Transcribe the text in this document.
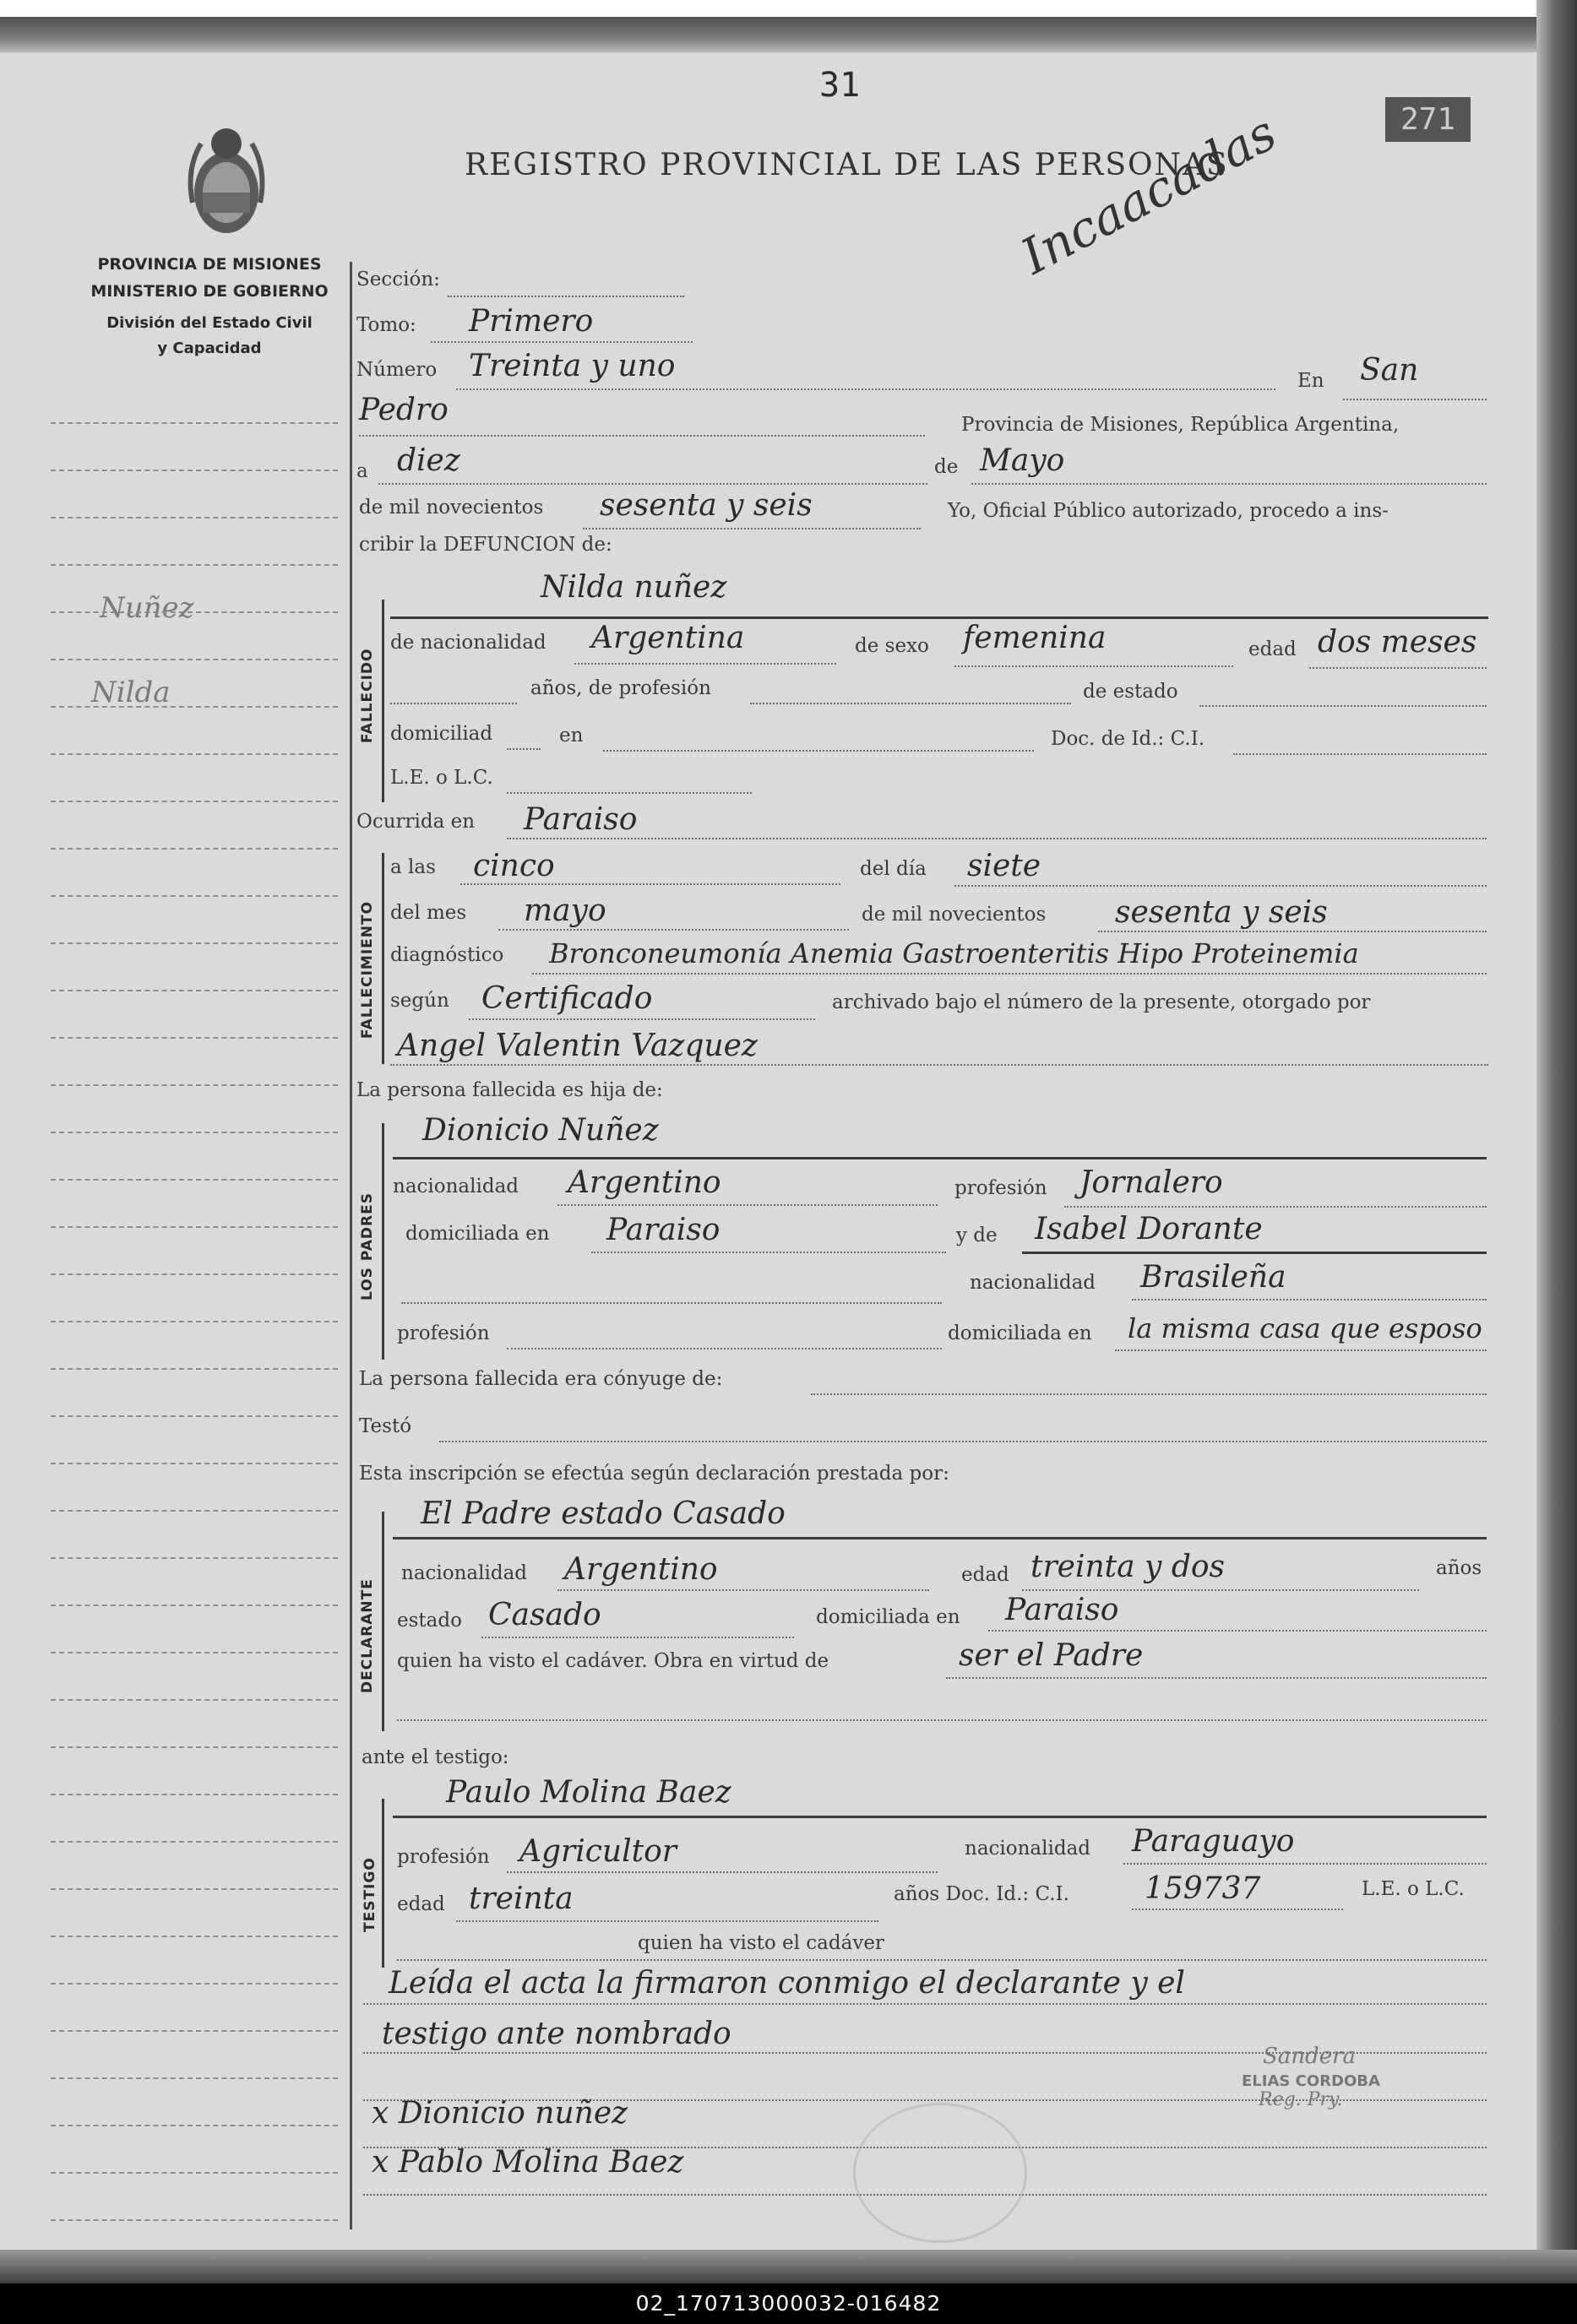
31
271
REGISTRO PROVINCIAL DE LAS PERSONAS
Incaacadas
PROVINCIA DE MISIONES
MINISTERIO DE GOBIERNO
División del Estado Civil
y Capacidad
Nuñez
Nilda
Sección:
Tomo: Primero
Número Treinta y uno	En San
Pedro	Provincia de Misiones, República Argentina,
a diez	de Mayo
de mil novecientos sesenta y seis	Yo, Oficial Público autorizado, procedo a ins-
cribir la DEFUNCION de:
FALLECIDO
Nilda nuñez
de nacionalidad Argentina	de sexo femenina	edad dos meses
años, de profesión	de estado
domiciliad	en	Doc. de Id.: C.I.
L.E. o L.C.
Ocurrida en Paraiso
FALLECIMIENTO
a las cinco	del día siete
del mes mayo	de mil novecientos sesenta y seis
diagnóstico Bronconeumonía Anemia Gastroenteritis Hipo Proteinemia
según Certificado	archivado bajo el número de la presente, otorgado por
Angel Valentin Vazquez
La persona fallecida es hija de:
LOS PADRES
Dionicio Nuñez
nacionalidad Argentino	profesión Jornalero
domiciliada en Paraiso	y de Isabel Dorante
nacionalidad Brasileña
profesión	domiciliada en la misma casa que esposo
La persona fallecida era cónyuge de:
Testó
Esta inscripción se efectúa según declaración prestada por:
DECLARANTE
El Padre estado Casado
nacionalidad Argentino	edad treinta y dos	años
estado Casado	domiciliada en Paraiso
quien ha visto el cadáver. Obra en virtud de	ser el Padre
ante el testigo:
TESTIGO
Paulo Molina Baez
profesión Agricultor	nacionalidad Paraguayo
edad treinta	años Doc. Id.: C.I. 159737	L.E. o L.C.
quien ha visto el cadáver
Leída el acta la firmaron conmigo el declarante y el
testigo ante nombrado
x Dionicio nuñez
x Pablo Molina Baez
Sandera
ELIAS CORDOBA
Reg. Pry.
02_170713000032-016482
